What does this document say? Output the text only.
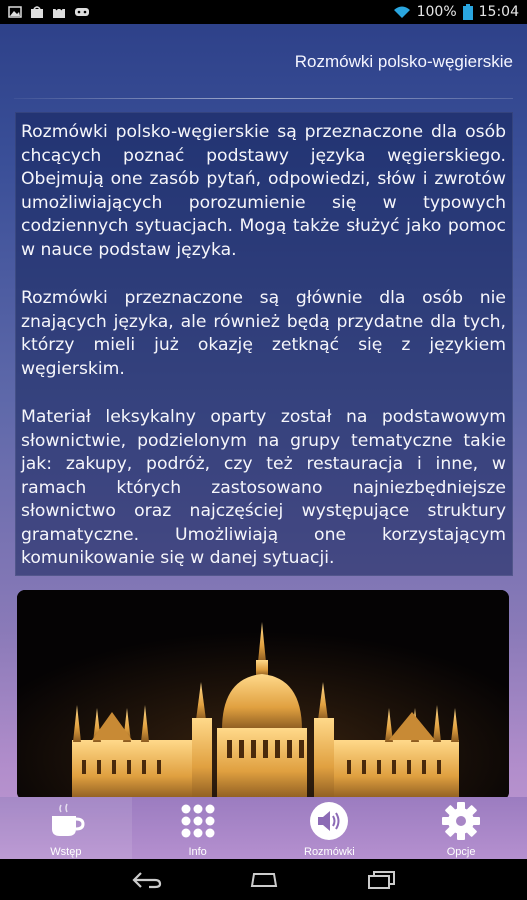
100% 15:04
Rozmówki polsko-węgierskie

Rozmówki polsko-węgierskie są przeznaczone dla osób chcących poznać podstawy języka węgierskiego. Obejmują one zasób pytań, odpowiedzi, słów i zwrotów umożliwiających porozumienie się w typowych codziennych sytuacjach. Mogą także służyć jako pomoc w nauce podstaw języka.

Rozmówki przeznaczone są głównie dla osób nie znających języka, ale również będą przydatne dla tych, którzy mieli już okazję zetknąć się z językiem węgierskim.

Materiał leksykalny oparty został na podstawowym słownictwie, podzielonym na grupy tematyczne takie jak: zakupy, podróż, czy też restauracja i inne, w ramach których zastosowano najniezbędniejsze słownictwo oraz najczęściej występujące struktury gramatyczne. Umożliwiają one korzystającym komunikowanie się w danej sytuacji.

Wstęp	Info	Rozmówki	Opcje
